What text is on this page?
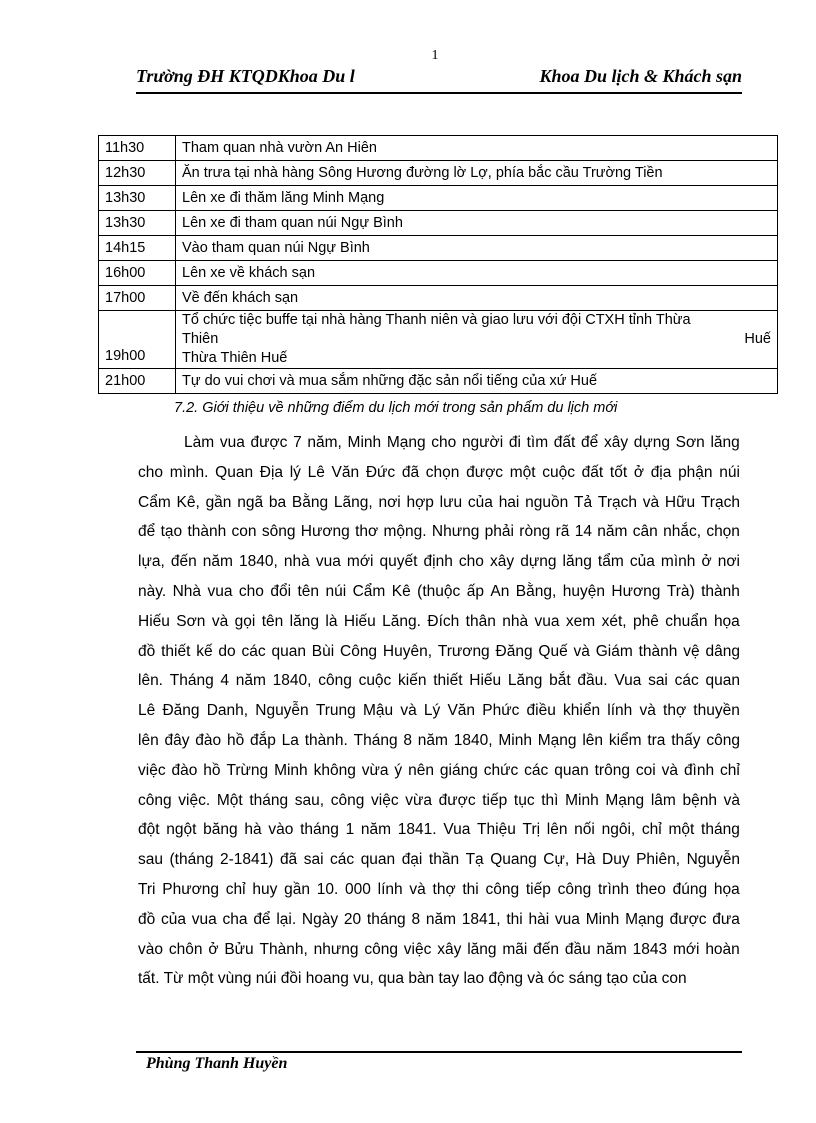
1
Trường ĐH KTQDKhoa Du l	Khoa Du lịch & Khách sạn
11h30	Tham quan nhà vườn An Hiên
12h30	Ăn trưa tại nhà hàng Sông Hương đường lờ Lợ, phía bắc cầu Trường Tiền
13h30	Lên xe đi thăm lăng Minh Mạng
13h30	Lên xe đi tham quan núi Ngự Bình
14h15	Vào tham quan núi Ngự Bình
16h00	Lên xe về khách sạn
17h00	Về đến khách sạn
19h00	Tổ chức tiệc buffe tại nhà hàng Thanh niên và giao lưu với đội CTXH tỉnh Thừa
Thiên Huế
Thừa Thiên Huế

21h00	Tự do vui chơi và mua sắm những đặc sản nổi tiếng của xứ Huế
7.2. Giới thiệu về những điểm du lịch mới trong sản phẩm du lịch mới
Làm vua được 7 năm, Minh Mạng cho người đi tìm đất để xây dựng Sơn lăng
cho mình. Quan Địa lý Lê Văn Đức đã chọn được một cuộc đất tốt ở địa phận núi
Cẩm Kê, gần ngã ba Bằng Lãng, nơi hợp lưu của hai nguồn Tả Trạch và Hữu Trạch
để tạo thành con sông Hương thơ mộng. Nhưng phải ròng rã 14 năm cân nhắc, chọn
lựa, đến năm 1840, nhà vua mới quyết định cho xây dựng lăng tẩm của mình ở nơi
này. Nhà vua cho đổi tên núi Cẩm Kê (thuộc ấp An Bằng, huyện Hương Trà) thành
Hiếu Sơn và gọi tên lăng là Hiếu Lăng. Đích thân nhà vua xem xét, phê chuẩn họa
đồ thiết kế do các quan Bùi Công Huyên, Trương Đăng Quế và Giám thành vệ dâng
lên. Tháng 4 năm 1840, công cuộc kiến thiết Hiếu Lăng bắt đầu. Vua sai các quan
Lê Đăng Danh, Nguyễn Trung Mậu và Lý Văn Phức điều khiển lính và thợ thuyền
lên đây đào hồ đắp La thành. Tháng 8 năm 1840, Minh Mạng lên kiểm tra thấy công
việc đào hồ Trừng Minh không vừa ý nên giáng chức các quan trông coi và đình chỉ
công việc. Một tháng sau, công việc vừa được tiếp tục thì Minh Mạng lâm bệnh và
đột ngột băng hà vào tháng 1 năm 1841. Vua Thiệu Trị lên nối ngôi, chỉ một tháng
sau (tháng 2-1841) đã sai các quan đại thần Tạ Quang Cự, Hà Duy Phiên, Nguyễn
Tri Phương chỉ huy gần 10. 000 lính và thợ thi công tiếp công trình theo đúng họa
đồ của vua cha để lại. Ngày 20 tháng 8 năm 1841, thi hài vua Minh Mạng được đưa
vào chôn ở Bửu Thành, nhưng công việc xây lăng mãi đến đầu năm 1843 mới hoàn
tất. Từ một vùng núi đồi hoang vu, qua bàn tay lao động và óc sáng tạo của con
Phùng Thanh Huyền
